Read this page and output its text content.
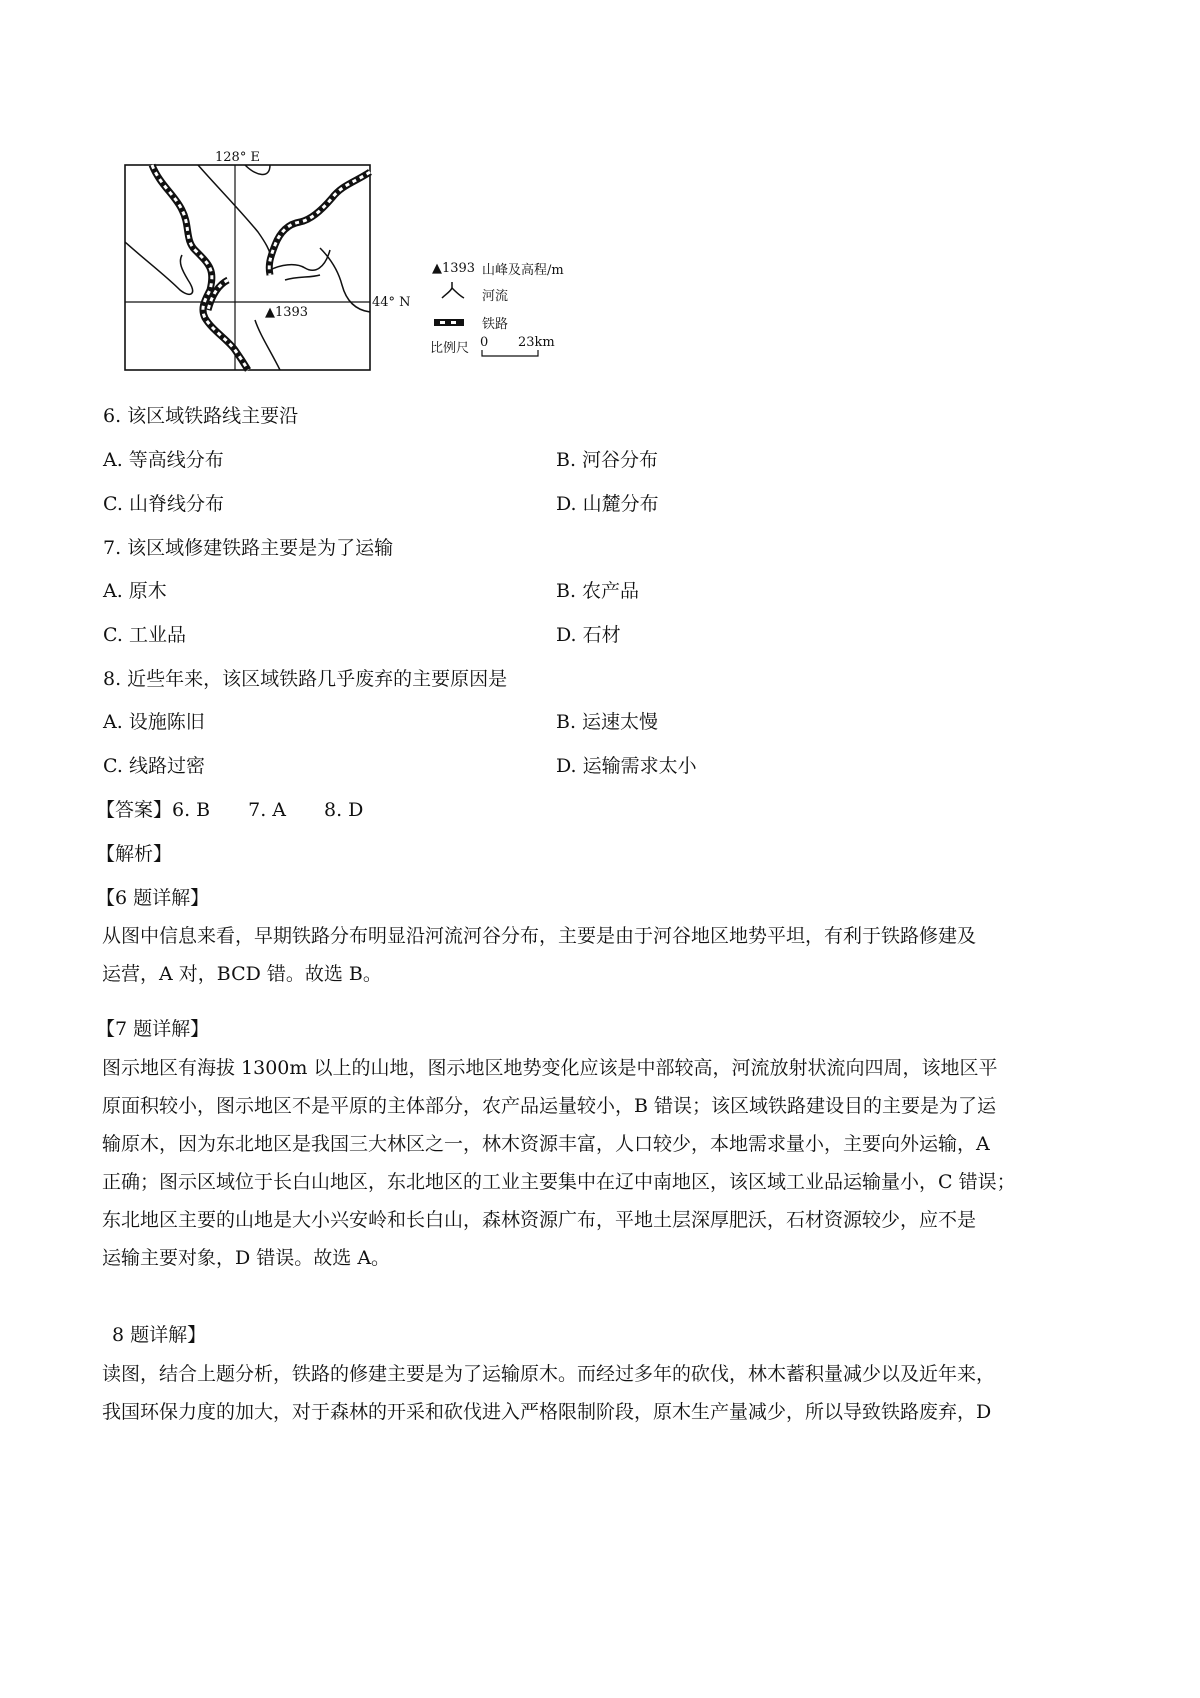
128° E
44° N
▲1393
▲1393 山峰及高程/m
河流
铁路
比例尺 0 23km
6. 该区域铁路线主要沿
A. 等高线分布	B. 河谷分布
C. 山脊线分布	D. 山麓分布
7. 该区域修建铁路主要是为了运输
A. 原木	B. 农产品
C. 工业品	D. 石材
8. 近些年来，该区域铁路几乎废弃的主要原因是
A. 设施陈旧	B. 运速太慢
C. 线路过密	D. 运输需求太小
【答案】6. B　　7. A　　8. D
【解析】
【6 题详解】

从图中信息来看，早期铁路分布明显沿河流河谷分布，主要是由于河谷地区地势平坦，有利于铁路修建及

运营，A 对，BCD 错。故选 B。

【7 题详解】

图示地区有海拔 1300m 以上的山地，图示地区地势变化应该是中部较高，河流放射状流向四周，该地区平

原面积较小，图示地区不是平原的主体部分，农产品运量较小，B 错误；该区域铁路建设目的主要是为了运

输原木，因为东北地区是我国三大林区之一，林木资源丰富，人口较少，本地需求量小，主要向外运输，A

正确；图示区域位于长白山地区，东北地区的工业主要集中在辽中南地区，该区域工业品运输量小，C 错误；

东北地区主要的山地是大小兴安岭和长白山，森林资源广布，平地土层深厚肥沃，石材资源较少，应不是

运输主要对象，D 错误。故选 A。

8 题详解】

读图，结合上题分析，铁路的修建主要是为了运输原木。而经过多年的砍伐，林木蓄积量减少以及近年来，

我国环保力度的加大，对于森林的开采和砍伐进入严格限制阶段，原木生产量减少，所以导致铁路废弃，D
